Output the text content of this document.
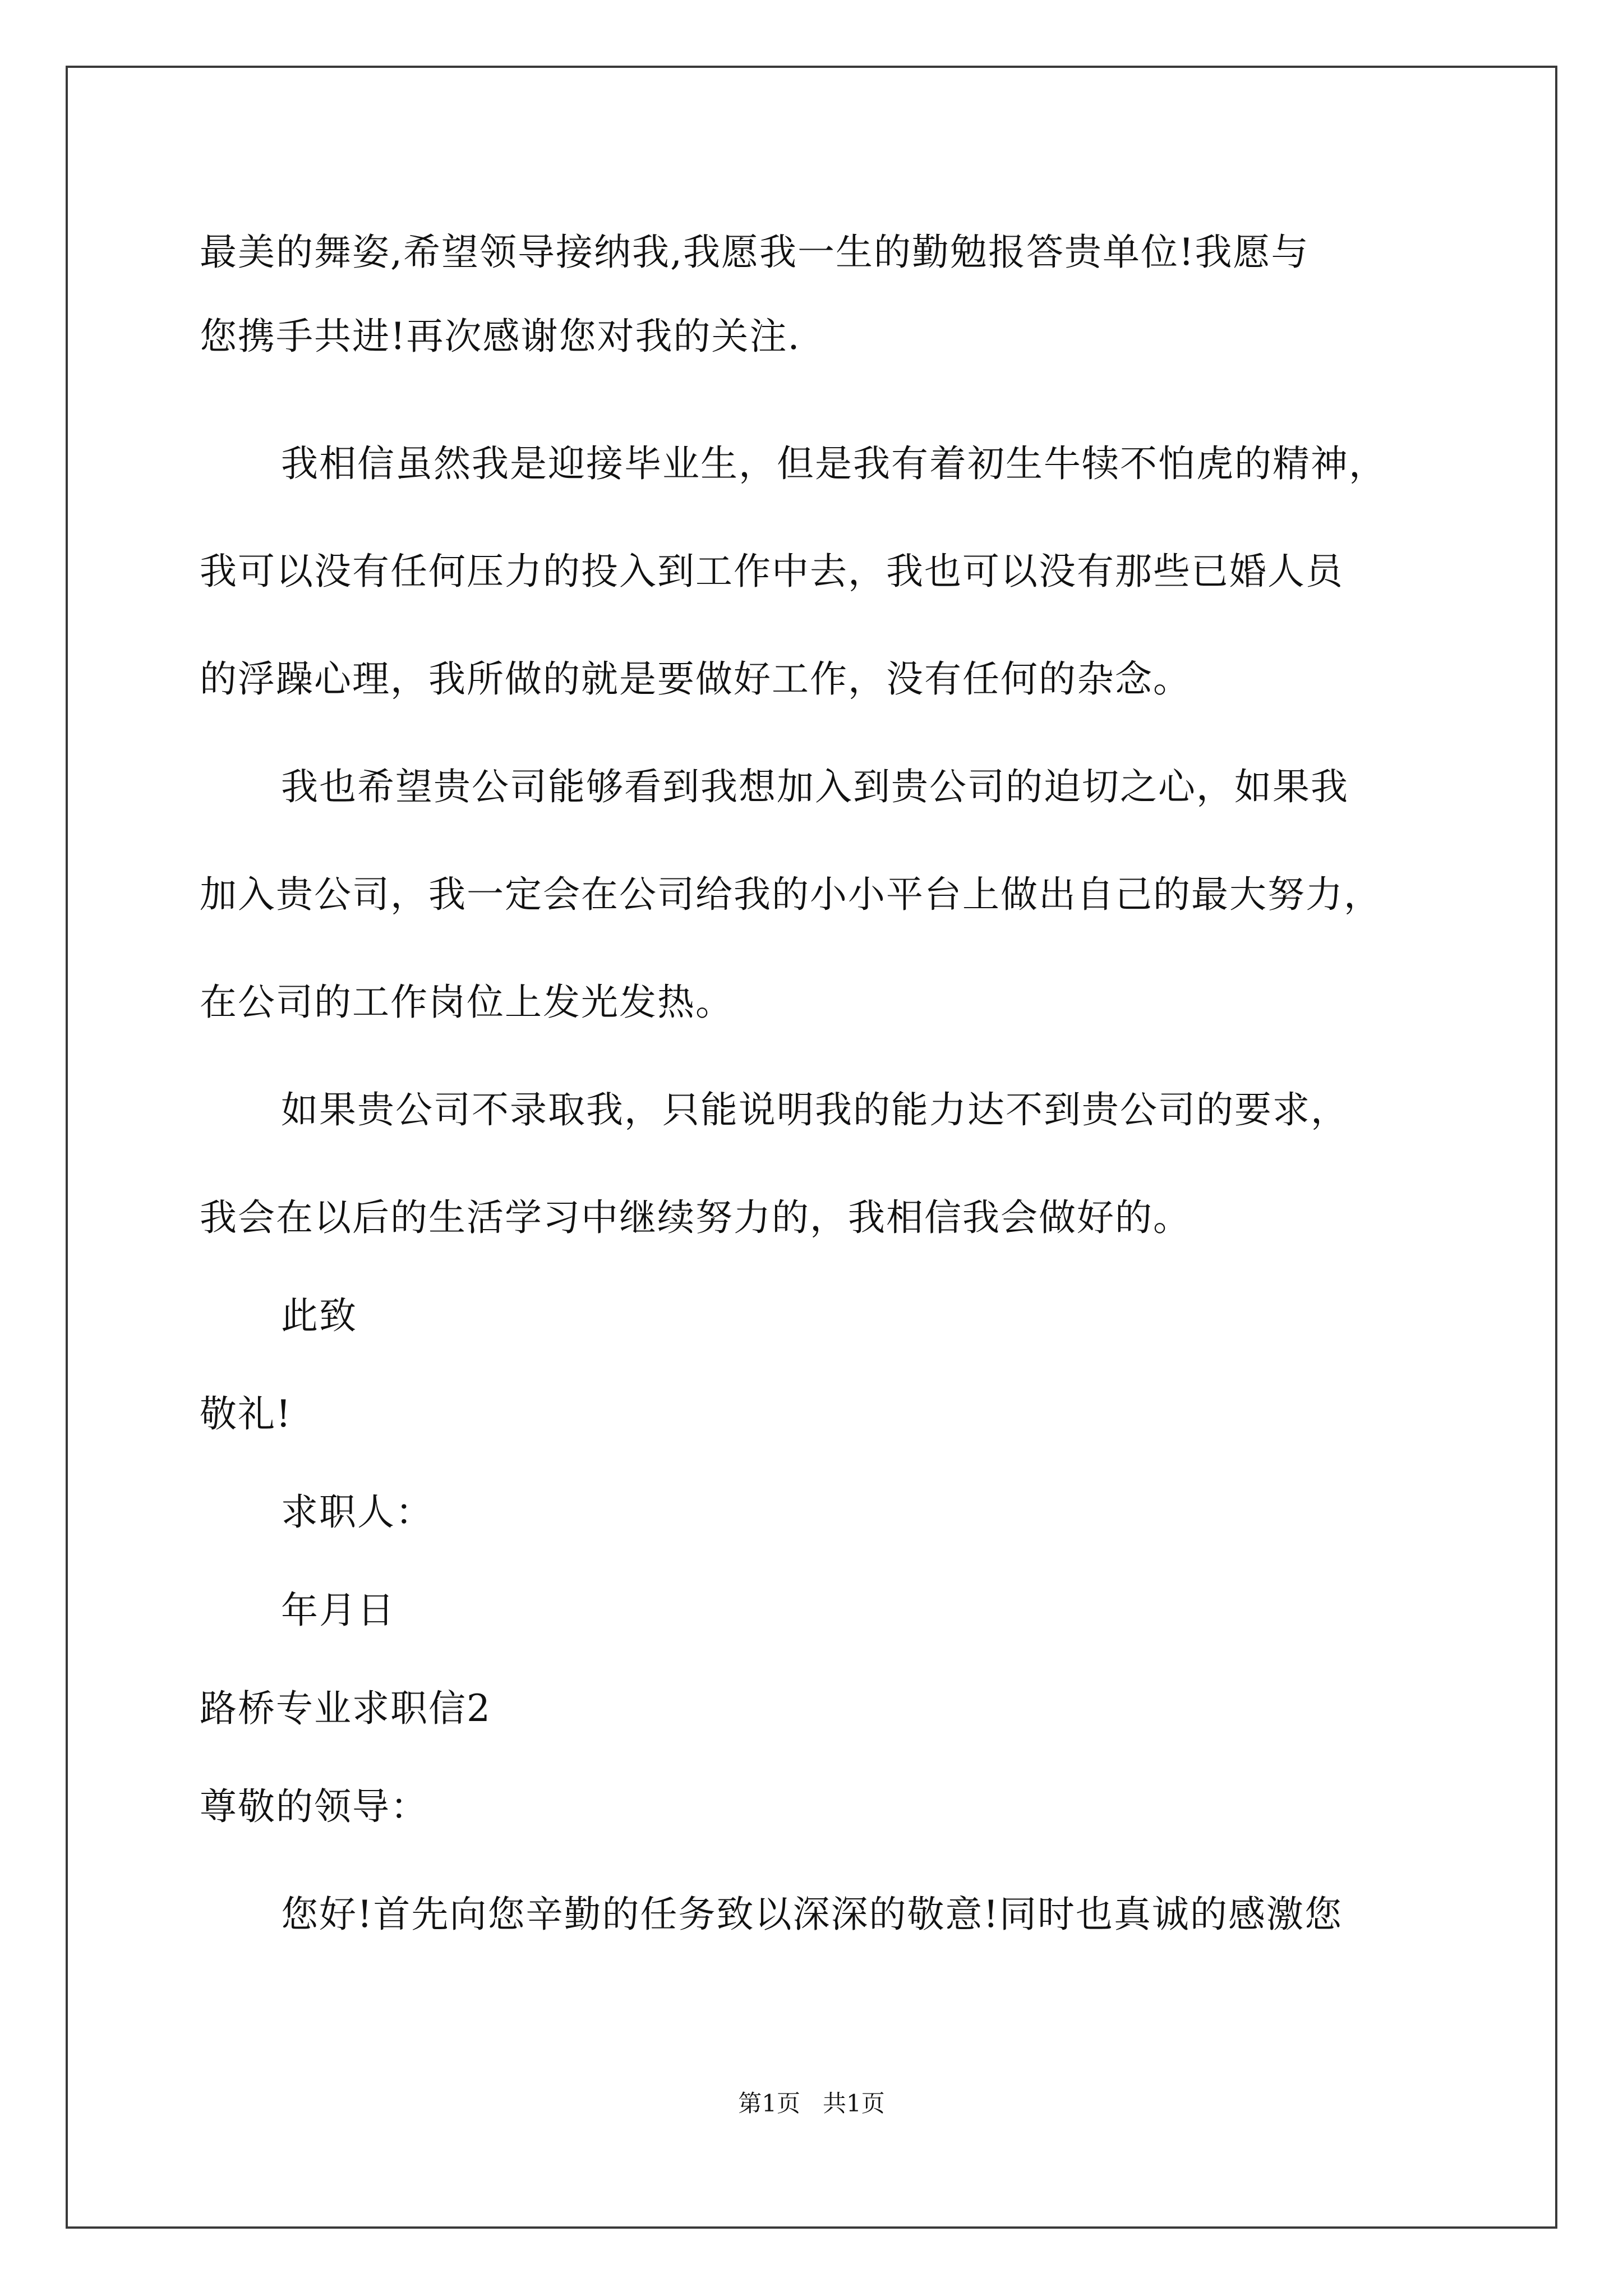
最美的舞姿,希望领导接纳我,我愿我一生的勤勉报答贵单位!我愿与
您携手共进!再次感谢您对我的关注.
我相信虽然我是迎接毕业生，但是我有着初生牛犊不怕虎的精神，
我可以没有任何压力的投入到工作中去，我也可以没有那些已婚人员
的浮躁心理，我所做的就是要做好工作，没有任何的杂念。
我也希望贵公司能够看到我想加入到贵公司的迫切之心，如果我
加入贵公司，我一定会在公司给我的小小平台上做出自己的最大努力，
在公司的工作岗位上发光发热。
如果贵公司不录取我，只能说明我的能力达不到贵公司的要求，
我会在以后的生活学习中继续努力的，我相信我会做好的。
此致
敬礼!
求职人：
年月日
路桥专业求职信2
尊敬的领导：
您好!首先向您辛勤的任务致以深深的敬意!同时也真诚的感激您
第1页   共1页
